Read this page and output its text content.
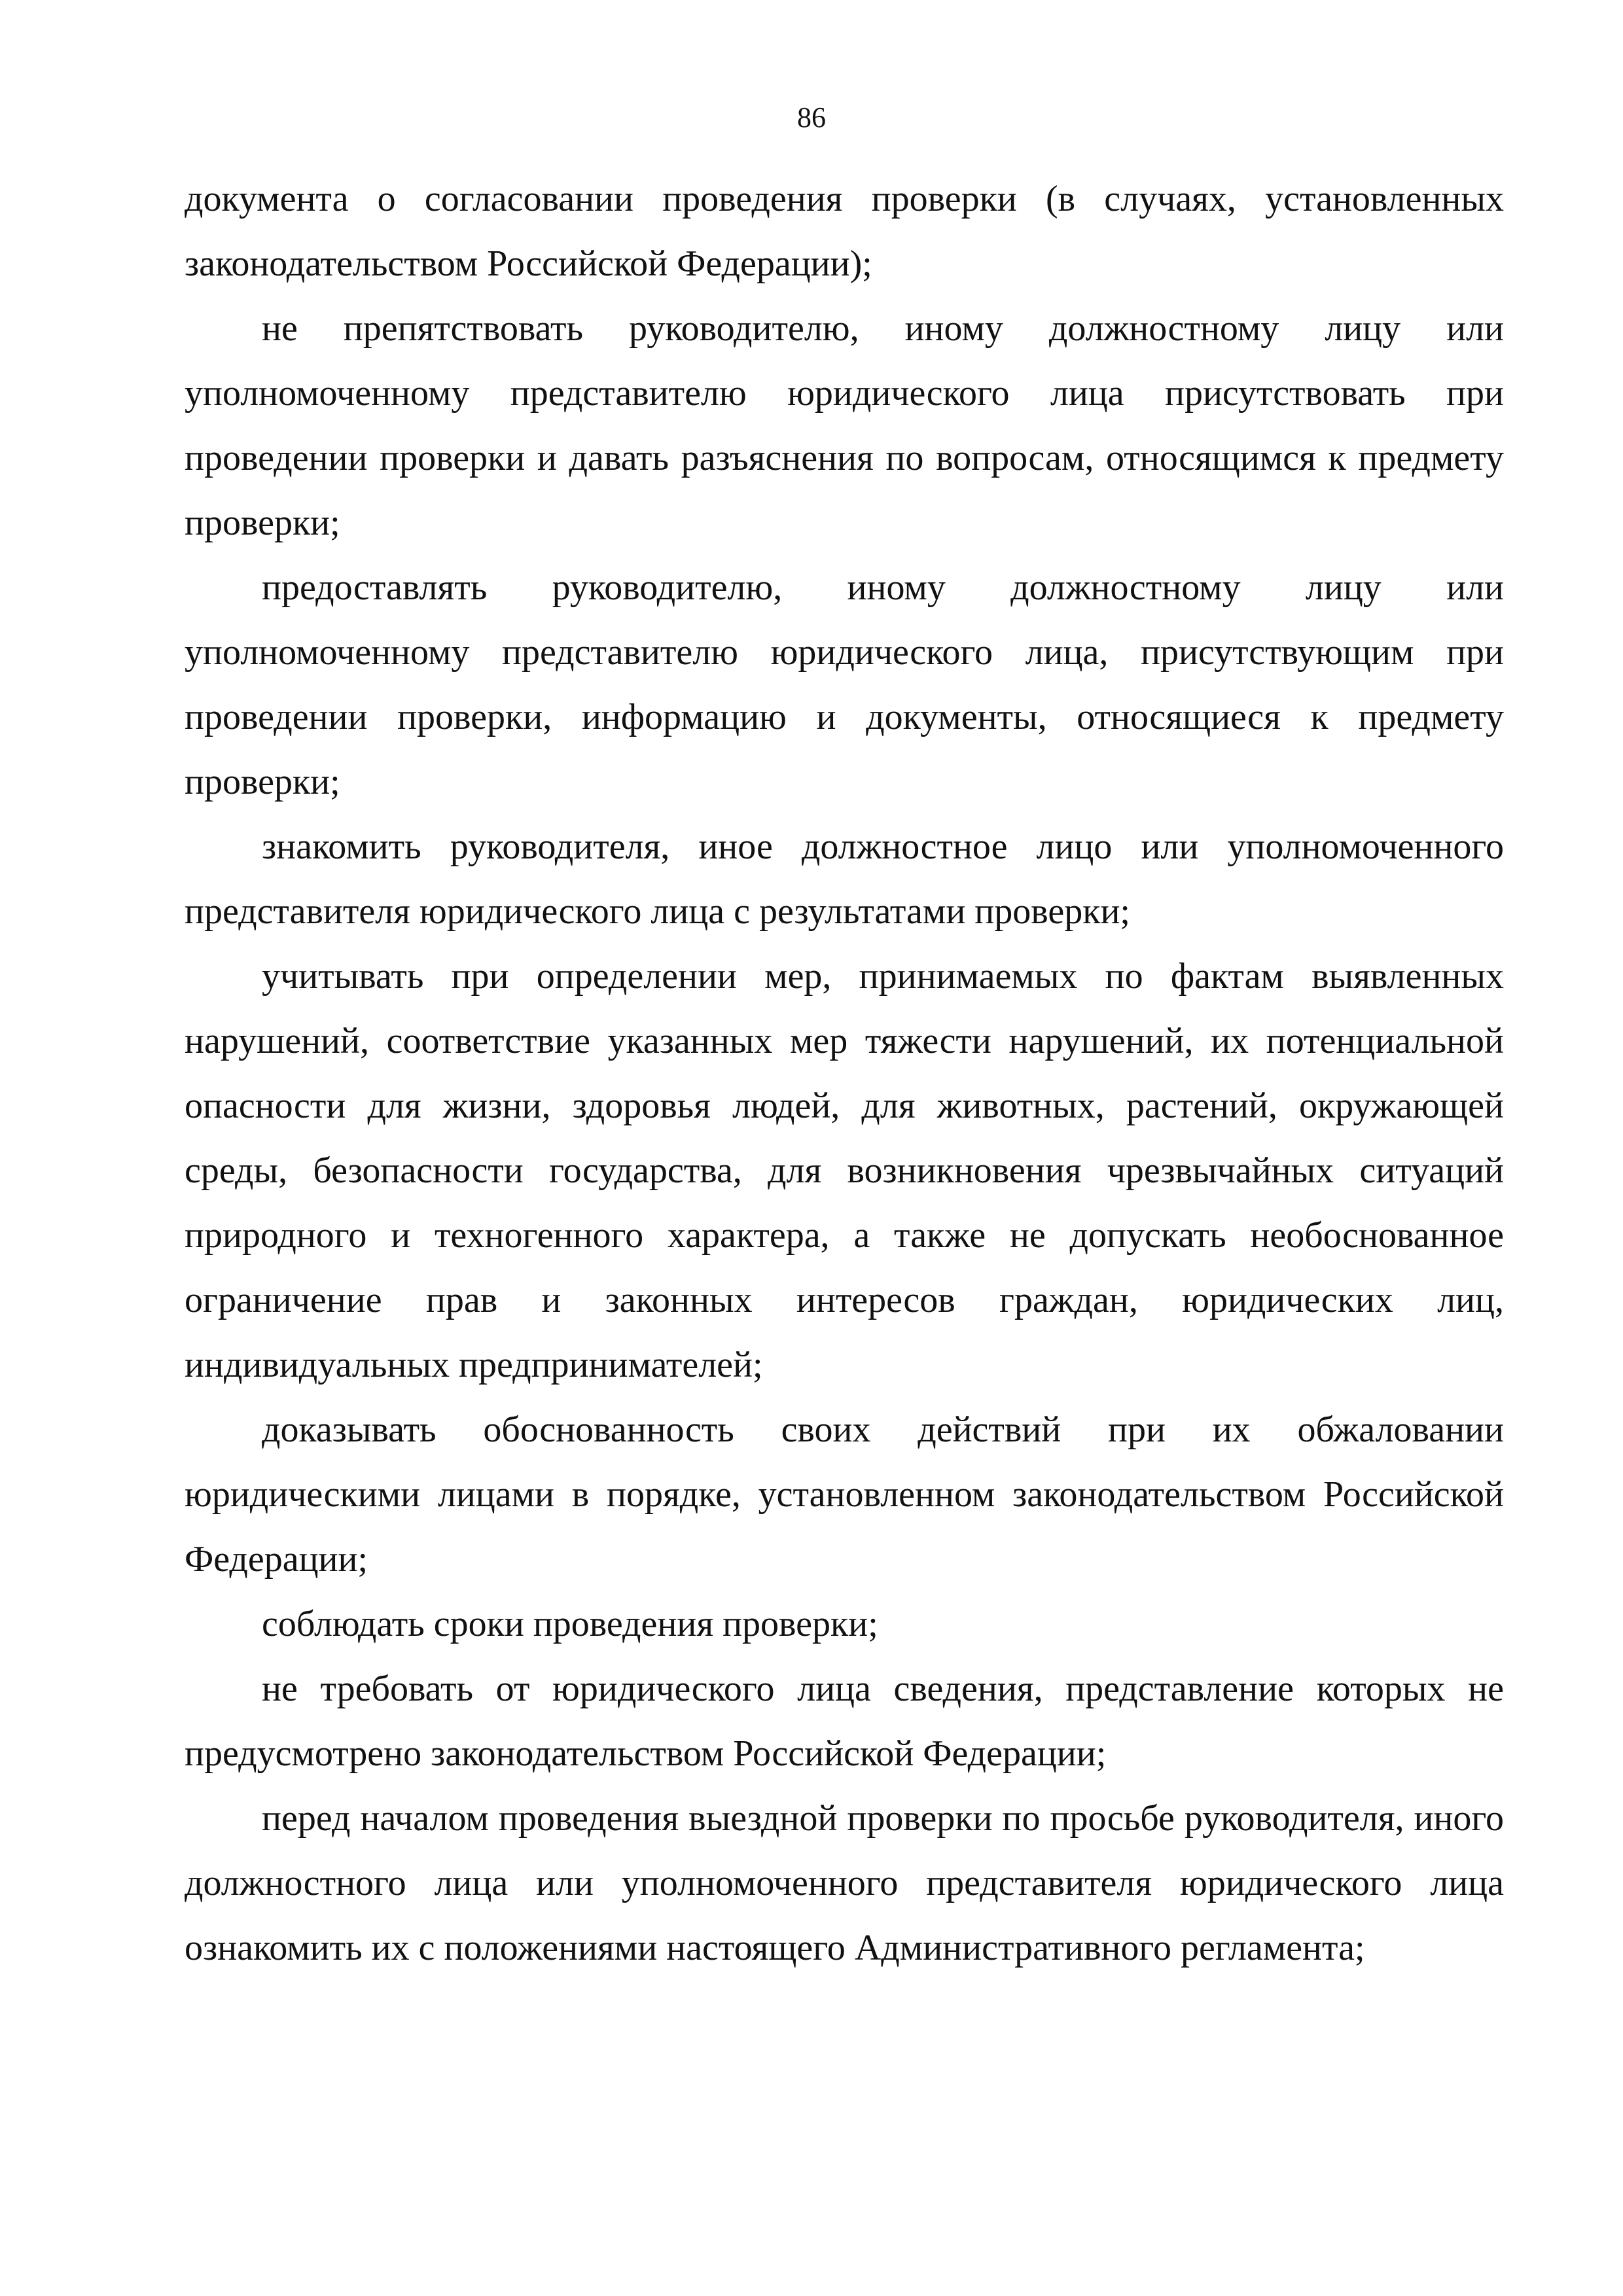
86

документа о согласовании проведения проверки (в случаях, установленных законодательством Российской Федерации);

не препятствовать руководителю, иному должностному лицу или уполномоченному представителю юридического лица присутствовать при проведении проверки и давать разъяснения по вопросам, относящимся к предмету проверки;

предоставлять руководителю, иному должностному лицу или уполномоченному представителю юридического лица, присутствующим при проведении проверки, информацию и документы, относящиеся к предмету проверки;

знакомить руководителя, иное должностное лицо или уполномоченного представителя юридического лица с результатами проверки;

учитывать при определении мер, принимаемых по фактам выявленных нарушений, соответствие указанных мер тяжести нарушений, их потенциальной опасности для жизни, здоровья людей, для животных, растений, окружающей среды, безопасности государства, для возникновения чрезвычайных ситуаций природного и техногенного характера, а также не допускать необоснованное ограничение прав и законных интересов граждан, юридических лиц, индивидуальных предпринимателей;

доказывать обоснованность своих действий при их обжаловании юридическими лицами в порядке, установленном законодательством Российской Федерации;

соблюдать сроки проведения проверки;

не требовать от юридического лица сведения, представление которых не предусмотрено законодательством Российской Федерации;

перед началом проведения выездной проверки по просьбе руководителя, иного должностного лица или уполномоченного представителя юридического лица ознакомить их с положениями настоящего Административного регламента;
